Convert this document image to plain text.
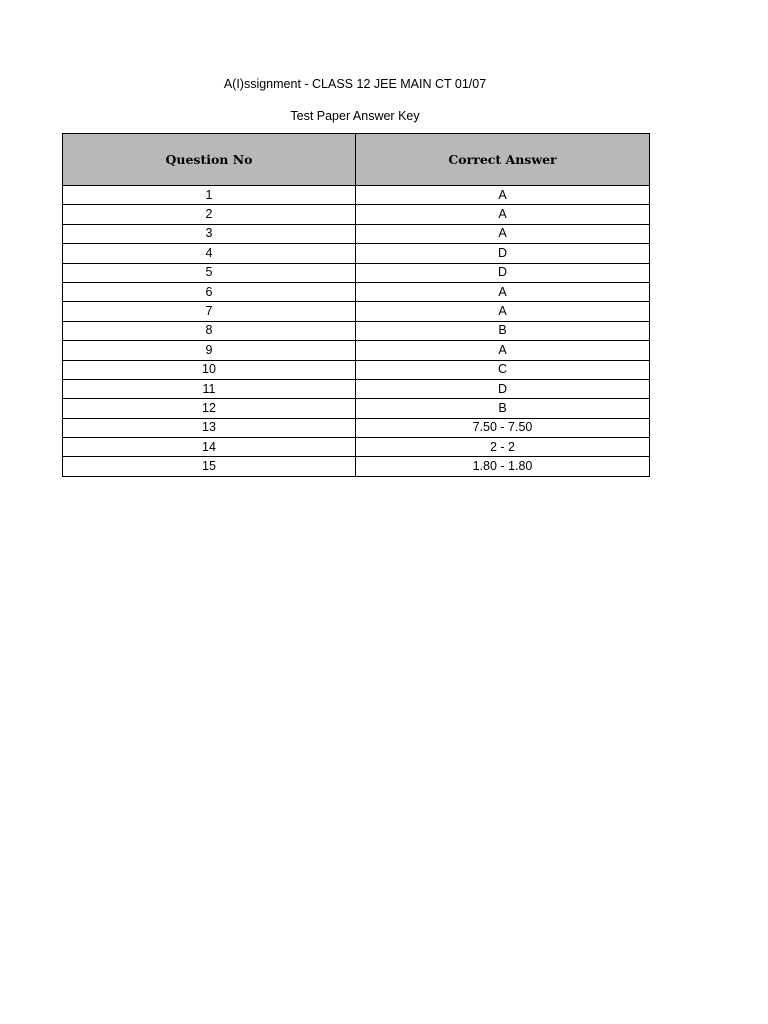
A(I)ssignment - CLASS 12 JEE MAIN CT 01/07
Test Paper Answer Key
Question No	Correct Answer
1	A
2	A
3	A
4	D
5	D
6	A
7	A
8	B
9	A
10	C
11	D
12	B
13	7.50 - 7.50
14	2 - 2
15	1.80 - 1.80
